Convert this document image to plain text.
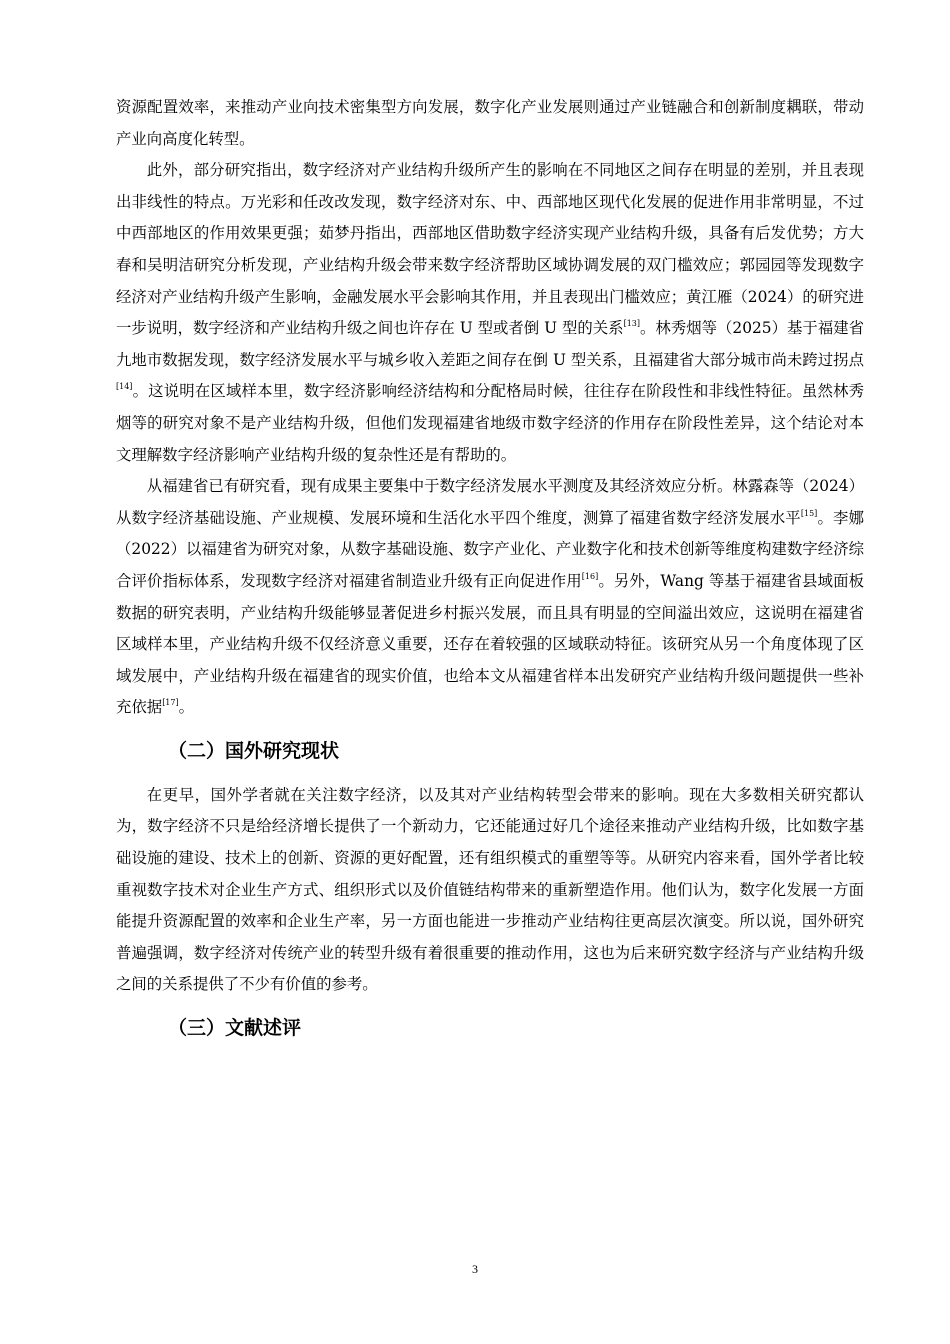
资源配置效率，来推动产业向技术密集型方向发展，数字化产业发展则通过产业链融合和创新制度耦联，带动产业向高度化转型。

此外，部分研究指出，数字经济对产业结构升级所产生的影响在不同地区之间存在明显的差别，并且表现出非线性的特点。万光彩和任改改发现，数字经济对东、中、西部地区现代化发展的促进作用非常明显，不过中西部地区的作用效果更强；茹梦丹指出，西部地区借助数字经济实现产业结构升级，具备有后发优势；方大春和吴明洁研究分析发现，产业结构升级会带来数字经济帮助区域协调发展的双门槛效应；郭园园等发现数字经济对产业结构升级产生影响，金融发展水平会影响其作用，并且表现出门槛效应；黄江雁（2024）的研究进一步说明，数字经济和产业结构升级之间也许存在 U 型或者倒 U 型的关系[13]。林秀烟等（2025）基于福建省九地市数据发现，数字经济发展水平与城乡收入差距之间存在倒 U 型关系，且福建省大部分城市尚未跨过拐点[14]。这说明在区域样本里，数字经济影响经济结构和分配格局时候，往往存在阶段性和非线性特征。虽然林秀烟等的研究对象不是产业结构升级，但他们发现福建省地级市数字经济的作用存在阶段性差异，这个结论对本文理解数字经济影响产业结构升级的复杂性还是有帮助的。

从福建省已有研究看，现有成果主要集中于数字经济发展水平测度及其经济效应分析。林露森等（2024）从数字经济基础设施、产业规模、发展环境和生活化水平四个维度，测算了福建省数字经济发展水平[15]。李娜（2022）以福建省为研究对象，从数字基础设施、数字产业化、产业数字化和技术创新等维度构建数字经济综合评价指标体系，发现数字经济对福建省制造业升级有正向促进作用[16]。另外，Wang 等基于福建省县域面板数据的研究表明，产业结构升级能够显著促进乡村振兴发展，而且具有明显的空间溢出效应，这说明在福建省区域样本里，产业结构升级不仅经济意义重要，还存在着较强的区域联动特征。该研究从另一个角度体现了区域发展中，产业结构升级在福建省的现实价值，也给本文从福建省样本出发研究产业结构升级问题提供一些补充依据[17]。

（二）国外研究现状

在更早，国外学者就在关注数字经济，以及其对产业结构转型会带来的影响。现在大多数相关研究都认为，数字经济不只是给经济增长提供了一个新动力，它还能通过好几个途径来推动产业结构升级，比如数字基础设施的建设、技术上的创新、资源的更好配置，还有组织模式的重塑等等。从研究内容来看，国外学者比较重视数字技术对企业生产方式、组织形式以及价值链结构带来的重新塑造作用。他们认为，数字化发展一方面能提升资源配置的效率和企业生产率，另一方面也能进一步推动产业结构往更高层次演变。所以说，国外研究普遍强调，数字经济对传统产业的转型升级有着很重要的推动作用，这也为后来研究数字经济与产业结构升级之间的关系提供了不少有价值的参考。

（三）文献述评
3
